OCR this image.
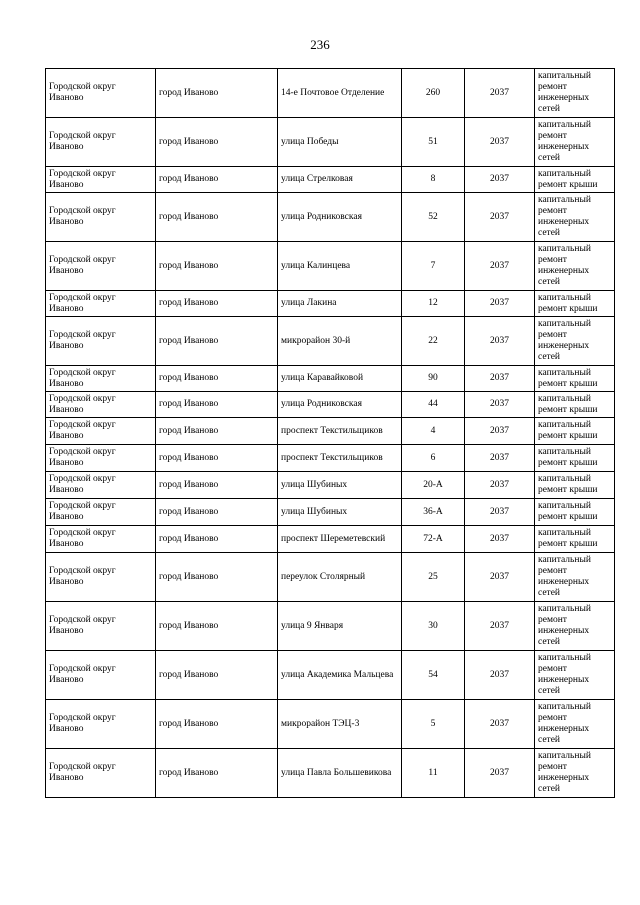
236
Городской округ Иваново	город Иваново	14-е Почтовое Отделение	260	2037	капитальный ремонт инженерных сетей
Городской округ Иваново	город Иваново	улица Победы	51	2037	капитальный ремонт инженерных сетей
Городской округ Иваново	город Иваново	улица Стрелковая	8	2037	капитальный ремонт крыши
Городской округ Иваново	город Иваново	улица Родниковская	52	2037	капитальный ремонт инженерных сетей
Городской округ Иваново	город Иваново	улица Калинцева	7	2037	капитальный ремонт инженерных сетей
Городской округ Иваново	город Иваново	улица Лакина	12	2037	капитальный ремонт крыши
Городской округ Иваново	город Иваново	микрорайон 30-й	22	2037	капитальный ремонт инженерных сетей
Городской округ Иваново	город Иваново	улица Каравайковой	90	2037	капитальный ремонт крыши
Городской округ Иваново	город Иваново	улица Родниковская	44	2037	капитальный ремонт крыши
Городской округ Иваново	город Иваново	проспект Текстильщиков	4	2037	капитальный ремонт крыши
Городской округ Иваново	город Иваново	проспект Текстильщиков	6	2037	капитальный ремонт крыши
Городской округ Иваново	город Иваново	улица Шубиных	20-А	2037	капитальный ремонт крыши
Городской округ Иваново	город Иваново	улица Шубиных	36-А	2037	капитальный ремонт крыши
Городской округ Иваново	город Иваново	проспект Шереметевский	72-А	2037	капитальный ремонт крыши
Городской округ Иваново	город Иваново	переулок Столярный	25	2037	капитальный ремонт инженерных сетей
Городской округ Иваново	город Иваново	улица 9 Января	30	2037	капитальный ремонт инженерных сетей
Городской округ Иваново	город Иваново	улица Академика Мальцева	54	2037	капитальный ремонт инженерных сетей
Городской округ Иваново	город Иваново	микрорайон ТЭЦ-3	5	2037	капитальный ремонт инженерных сетей
Городской округ Иваново	город Иваново	улица Павла Большевикова	11	2037	капитальный ремонт инженерных сетей
